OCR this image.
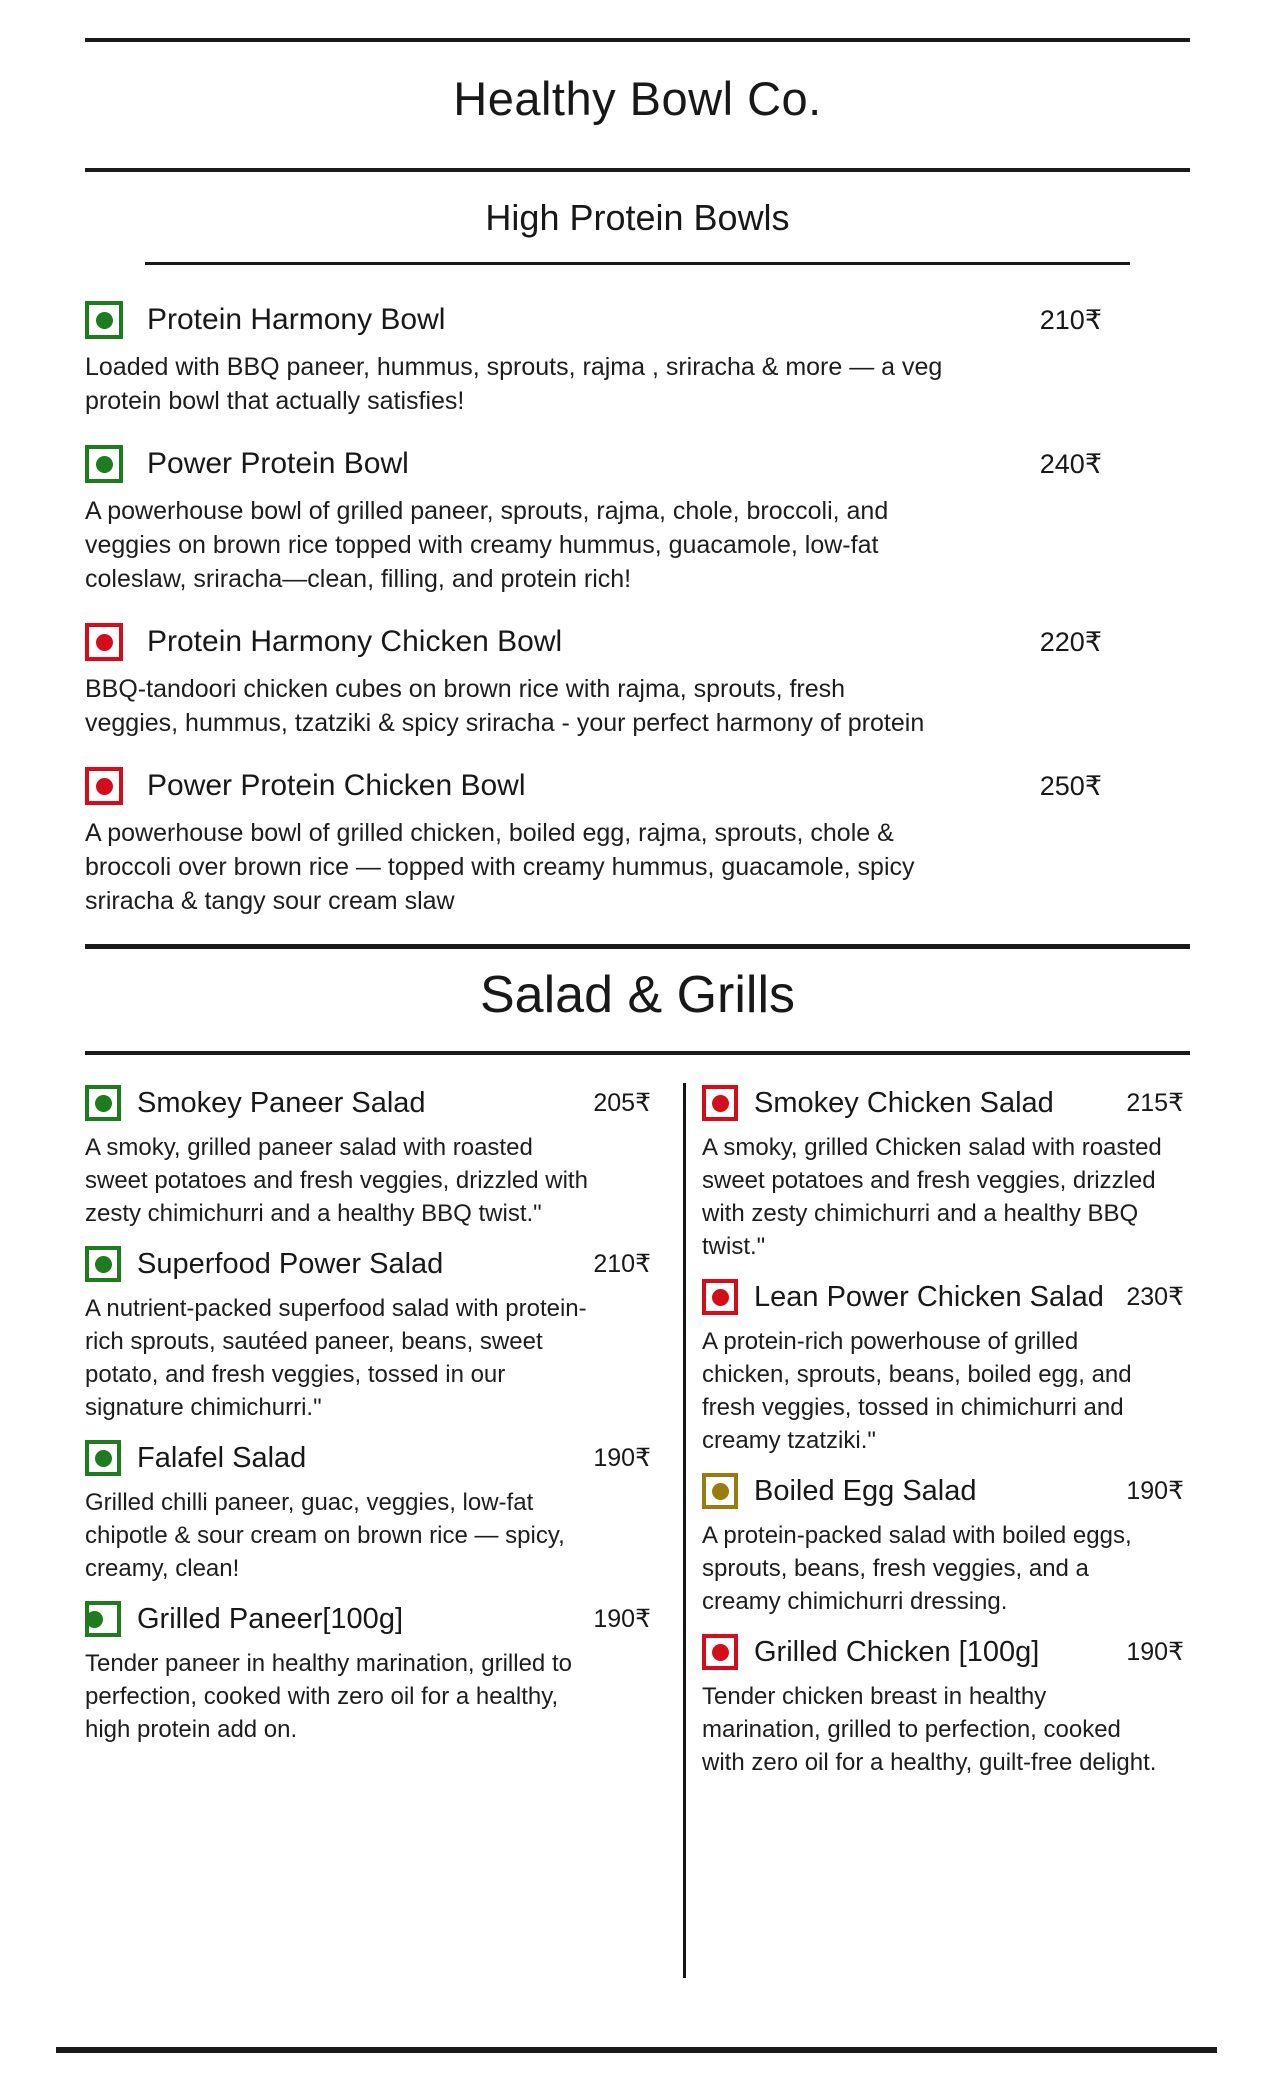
Healthy Bowl Co.
High Protein Bowls
Protein Harmony Bowl	210₹

Loaded with BBQ paneer, hummus, sprouts, rajma , sriracha & more — a veg protein bowl that actually satisfies!

Power Protein Bowl	240₹

A powerhouse bowl of grilled paneer, sprouts, rajma, chole, broccoli, and veggies on brown rice topped with creamy hummus, guacamole, low-fat coleslaw, sriracha—clean, filling, and protein rich!

Protein Harmony Chicken Bowl	220₹

BBQ-tandoori chicken cubes on brown rice with rajma, sprouts, fresh veggies, hummus, tzatziki & spicy sriracha - your perfect harmony of protein

Power Protein Chicken Bowl	250₹

A powerhouse bowl of grilled chicken, boiled egg, rajma, sprouts, chole & broccoli over brown rice — topped with creamy hummus, guacamole, spicy sriracha & tangy sour cream slaw

Salad & Grills
Smokey Paneer Salad	205₹

A smoky, grilled paneer salad with roasted sweet potatoes and fresh veggies, drizzled with zesty chimichurri and a healthy BBQ twist."

Superfood Power Salad	210₹

A nutrient-packed superfood salad with protein-rich sprouts, sautéed paneer, beans, sweet potato, and fresh veggies, tossed in our signature chimichurri."

Falafel Salad	190₹

Grilled chilli paneer, guac, veggies, low-fat chipotle & sour cream on brown rice — spicy, creamy, clean!

Grilled Paneer[100g]	190₹

Tender paneer in healthy marination, grilled to perfection, cooked with zero oil for a healthy, high protein add on.

Smokey Chicken Salad	215₹

A smoky, grilled Chicken salad with roasted sweet potatoes and fresh veggies, drizzled with zesty chimichurri and a healthy BBQ twist."

Lean Power Chicken Salad 230₹

A protein-rich powerhouse of grilled chicken, sprouts, beans, boiled egg, and fresh veggies, tossed in chimichurri and creamy tzatziki."

Boiled Egg Salad	190₹

A protein-packed salad with boiled eggs, sprouts, beans, fresh veggies, and a creamy chimichurri dressing.

Grilled Chicken [100g]	190₹

Tender chicken breast in healthy marination, grilled to perfection, cooked with zero oil for a healthy, guilt-free delight.
